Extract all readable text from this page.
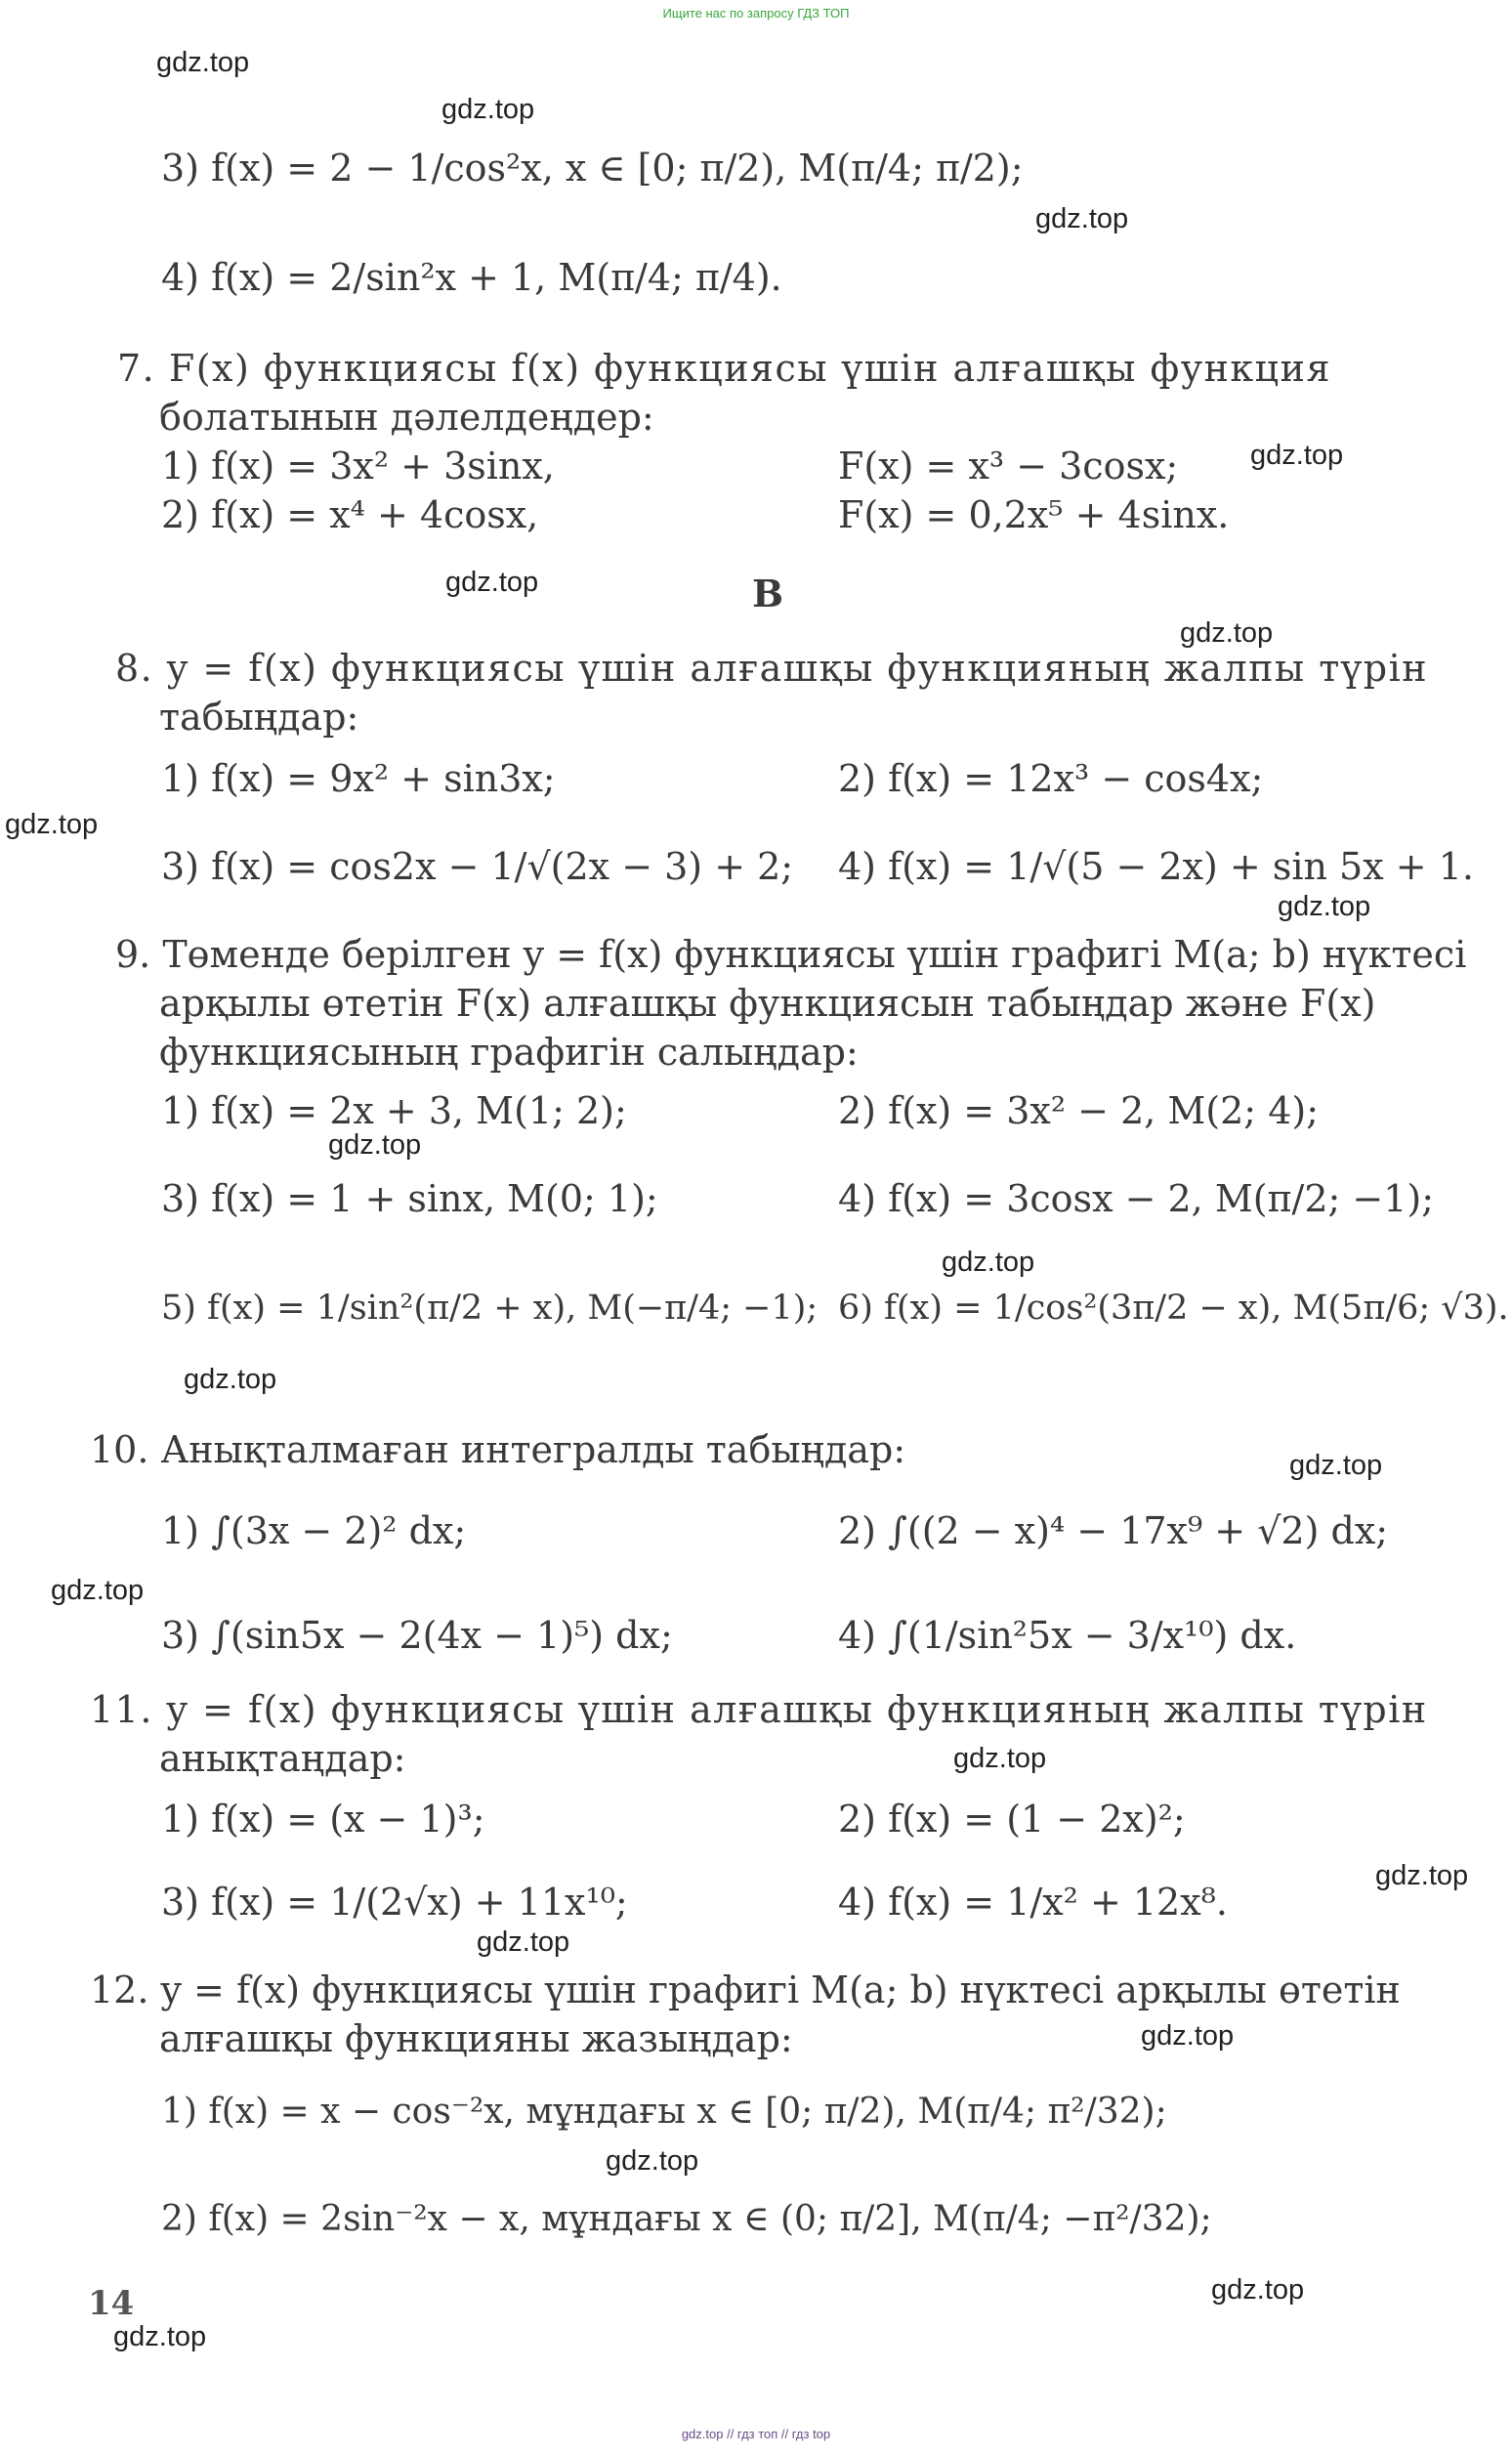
Ищите нас по запросу ГДЗ ТОП
gdz.top
gdz.top
gdz.top
gdz.top
gdz.top
gdz.top
gdz.top
gdz.top
gdz.top
gdz.top
gdz.top
gdz.top
gdz.top
gdz.top
gdz.top
gdz.top
gdz.top
gdz.top
gdz.top
gdz.top
3) f(x) = 2 − 1/cos²x, x ∈ [0; π/2), M(π/4; π/2);
4) f(x) = 2/sin²x + 1, M(π/4; π/4).
7. F(x) функциясы f(x) функциясы үшін алғашқы функция
болатынын дәлелдеңдер:
1) f(x) = 3x² + 3sinx,	F(x) = x³ − 3cosx;
2) f(x) = x⁴ + 4cosx,	F(x) = 0,2x⁵ + 4sinx.
B
8. y = f(x) функциясы үшін алғашқы функцияның жалпы түрін
табыңдар:
1) f(x) = 9x² + sin3x;	2) f(x) = 12x³ − cos4x;
3) f(x) = cos2x − 1/√(2x − 3) + 2; 4) f(x) = 1/√(5 − 2x) + sin 5x + 1.
9. Төменде берілген y = f(x) функциясы үшін графигі M(a; b) нүктесі
арқылы өтетін F(x) алғашқы функциясын табыңдар және F(x)
функциясының графигін салыңдар:
1) f(x) = 2x + 3, M(1; 2);	2) f(x) = 3x² − 2, M(2; 4);
3) f(x) = 1 + sinx, M(0; 1);	4) f(x) = 3cosx − 2, M(π/2; −1);
5) f(x) = 1/sin²(π/2 + x), M(−π/4; −1); 6) f(x) = 1/cos²(3π/2 − x), M(5π/6; √3).
10. Анықталмаған интегралды табыңдар:
1) ∫(3x − 2)² dx;	2) ∫((2 − x)⁴ − 17x⁹ + √2) dx;
3) ∫(sin5x − 2(4x − 1)⁵) dx;	4) ∫(1/sin²5x − 3/x¹⁰) dx.
11. y = f(x) функциясы үшін алғашқы функцияның жалпы түрін
анықтаңдар:
1) f(x) = (x − 1)³;	2) f(x) = (1 − 2x)²;
3) f(x) = 1/(2√x) + 11x¹⁰;	4) f(x) = 1/x² + 12x⁸.
12. y = f(x) функциясы үшін графигі M(a; b) нүктесі арқылы өтетін
алғашқы функцияны жазыңдар:
1) f(x) = x − cos⁻²x, мұндағы x ∈ [0; π/2), M(π/4; π²/32);
2) f(x) = 2sin⁻²x − x, мұндағы x ∈ (0; π/2], M(π/4; −π²/32);
14
gdz.top // гдз топ // гдз top
